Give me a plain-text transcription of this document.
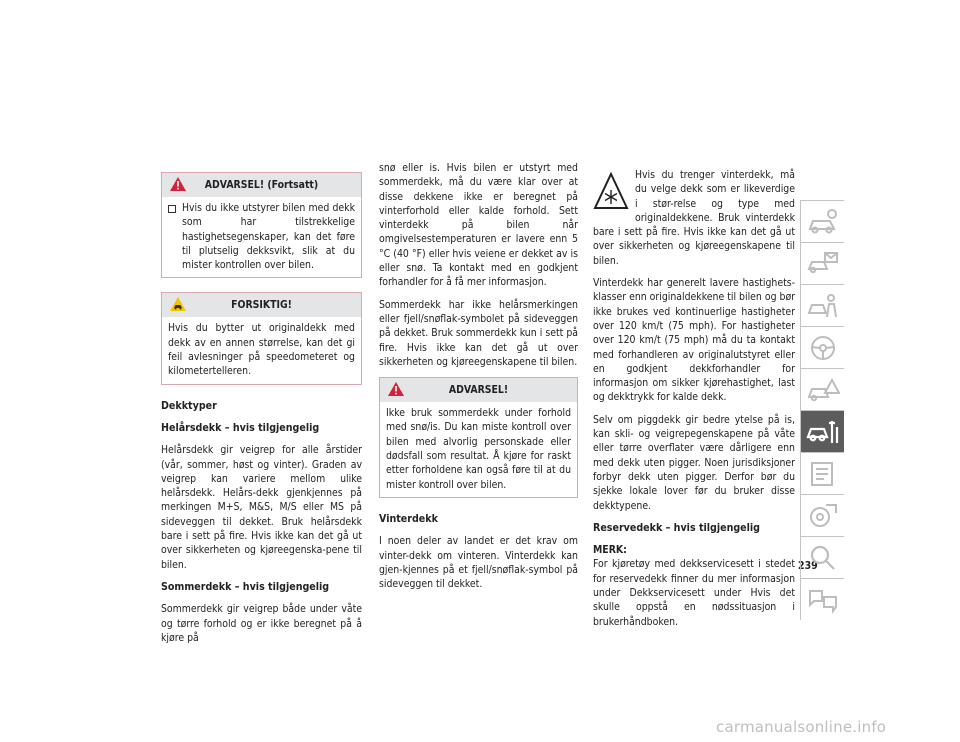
ADVARSEL! (Fortsatt)
Hvis du ikke utstyrer bilen med dekk som har tilstrekkelige hastighetsegenskaper, kan det føre til plutselig dekksvikt, slik at du mister kontrollen over bilen.
FORSIKTIG!

Hvis du bytter ut originaldekk med dekk av en annen størrelse, kan det gi feil avlesninger på speedometeret og kilometertelleren.

Dekktyper
Helårsdekk – hvis tilgjengelig

Helårsdekk gir veigrep for alle årstider (vår, sommer, høst og vinter). Graden av veigrep kan variere mellom ulike helårsdekk. Helårs-dekk gjenkjennes på merkingen M+S, M&S, M/S eller MS på sideveggen til dekket. Bruk helårsdekk bare i sett på fire. Hvis ikke kan det gå ut over sikkerheten og kjøreegenska-pene til bilen.

Sommerdekk – hvis tilgjengelig

Sommerdekk gir veigrep både under våte og tørre forhold og er ikke beregnet på å kjøre på

snø eller is. Hvis bilen er utstyrt med sommerdekk, må du være klar over at disse dekkene ikke er beregnet på vinterforhold eller kalde forhold. Sett vinterdekk på bilen når omgivelsestemperaturen er lavere enn 5 °C (40 °F) eller hvis veiene er dekket av is eller snø. Ta kontakt med en godkjent forhandler for å få mer informasjon.

Sommerdekk har ikke helårsmerkingen eller fjell/snøflak-symbolet på sideveggen på dekket. Bruk sommerdekk kun i sett på fire. Hvis ikke kan det gå ut over sikkerheten og kjøreegenskapene til bilen.

ADVARSEL!

Ikke bruk sommerdekk under forhold med snø/is. Du kan miste kontroll over bilen med alvorlig personskade eller dødsfall som resultat. Å kjøre for raskt etter forholdene kan også føre til at du mister kontroll over bilen.

Vinterdekk

I noen deler av landet er det krav om vinter-dekk om vinteren. Vinterdekk kan gjen-kjennes på et fjell/snøflak-symbol på sideveggen til dekket.

Hvis du trenger vinterdekk, må du velge dekk som er likeverdige i stør-relse og type med originaldekkene. Bruk vinterdekk bare i sett på fire. Hvis ikke kan det gå ut over sikkerheten og kjøreegenskapene til bilen.

Vinterdekk har generelt lavere hastighets-klasser enn originaldekkene til bilen og bør ikke brukes ved kontinuerlige hastigheter over 120 km/t (75 mph). For hastigheter over 120 km/t (75 mph) må du ta kontakt med forhandleren av originalutstyret eller en godkjent dekkforhandler for informasjon om sikker kjørehastighet, last og dekktrykk for kalde dekk.

Selv om piggdekk gir bedre ytelse på is, kan skli- og veigrepegenskapene på våte eller tørre overflater være dårligere enn med dekk uten pigger. Noen jurisdiksjoner forbyr dekk uten pigger. Derfor bør du sjekke lokale lover før du bruker disse dekktypene.

Reservedekk – hvis tilgjengelig
MERK:

For kjøretøy med dekkservicesett i stedet for reservedekk finner du mer informasjon under Dekkservicesett under Hvis det skulle oppstå en nødssituasjon i brukerhåndboken.

239
carmanualsonline.info
